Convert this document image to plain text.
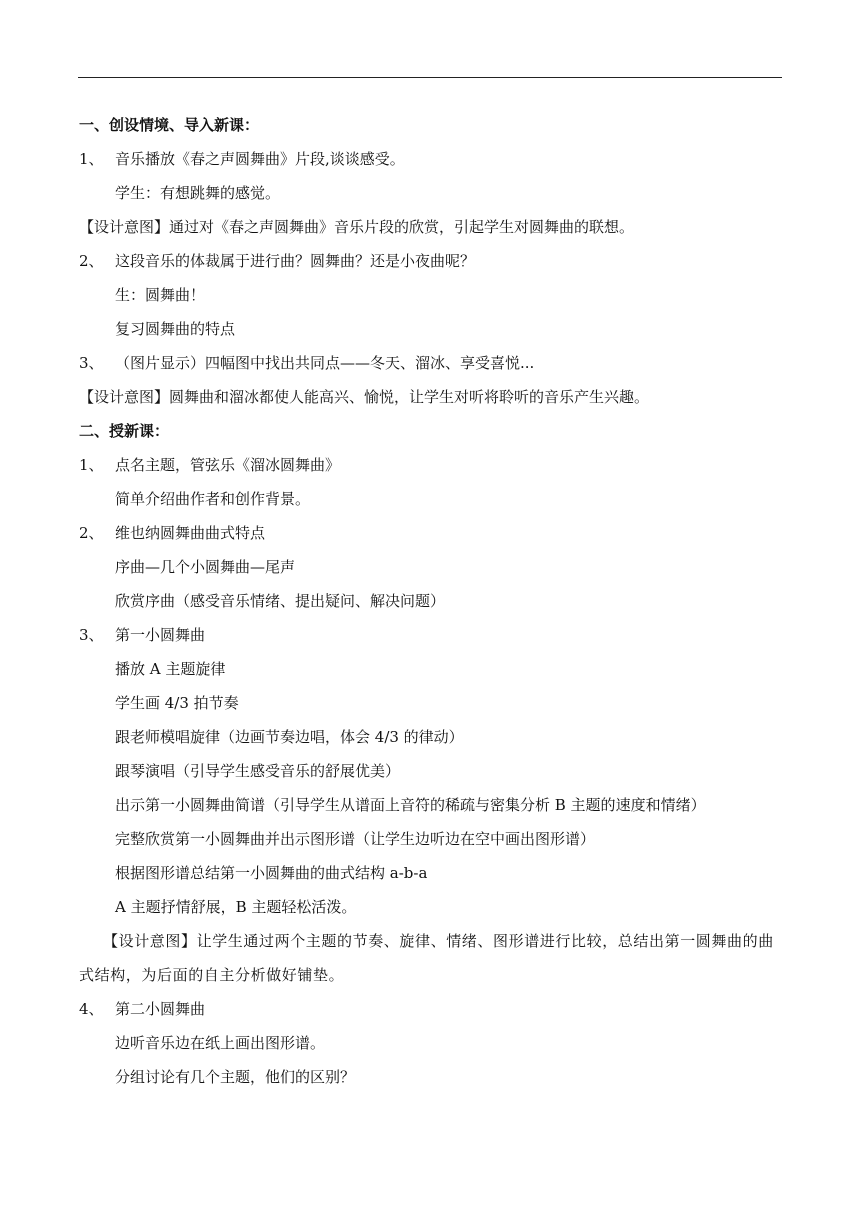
一、创设情境、导入新课：
1、 音乐播放《春之声圆舞曲》片段,谈谈感受。
学生：有想跳舞的感觉。
【设计意图】通过对《春之声圆舞曲》音乐片段的欣赏，引起学生对圆舞曲的联想。
2、 这段音乐的体裁属于进行曲？圆舞曲？还是小夜曲呢？
生：圆舞曲！
复习圆舞曲的特点
3、 （图片显示）四幅图中找出共同点——冬天、溜冰、享受喜悦...
【设计意图】圆舞曲和溜冰都使人能高兴、愉悦，让学生对听将聆听的音乐产生兴趣。
二、授新课：
1、 点名主题，管弦乐《溜冰圆舞曲》
简单介绍曲作者和创作背景。
2、 维也纳圆舞曲曲式特点
序曲—几个小圆舞曲—尾声
欣赏序曲（感受音乐情绪、提出疑问、解决问题）
3、 第一小圆舞曲
播放 A 主题旋律
学生画 4/3 拍节奏
跟老师模唱旋律（边画节奏边唱，体会 4/3 的律动）
跟琴演唱（引导学生感受音乐的舒展优美）
出示第一小圆舞曲简谱（引导学生从谱面上音符的稀疏与密集分析 B 主题的速度和情绪）
完整欣赏第一小圆舞曲并出示图形谱（让学生边听边在空中画出图形谱）
根据图形谱总结第一小圆舞曲的曲式结构 a-b-a
A 主题抒情舒展，B 主题轻松活泼。
【设计意图】让学生通过两个主题的节奏、旋律、情绪、图形谱进行比较，总结出第一圆舞曲的曲式结构，为后面的自主分析做好铺垫。
4、 第二小圆舞曲
边听音乐边在纸上画出图形谱。
分组讨论有几个主题，他们的区别？
